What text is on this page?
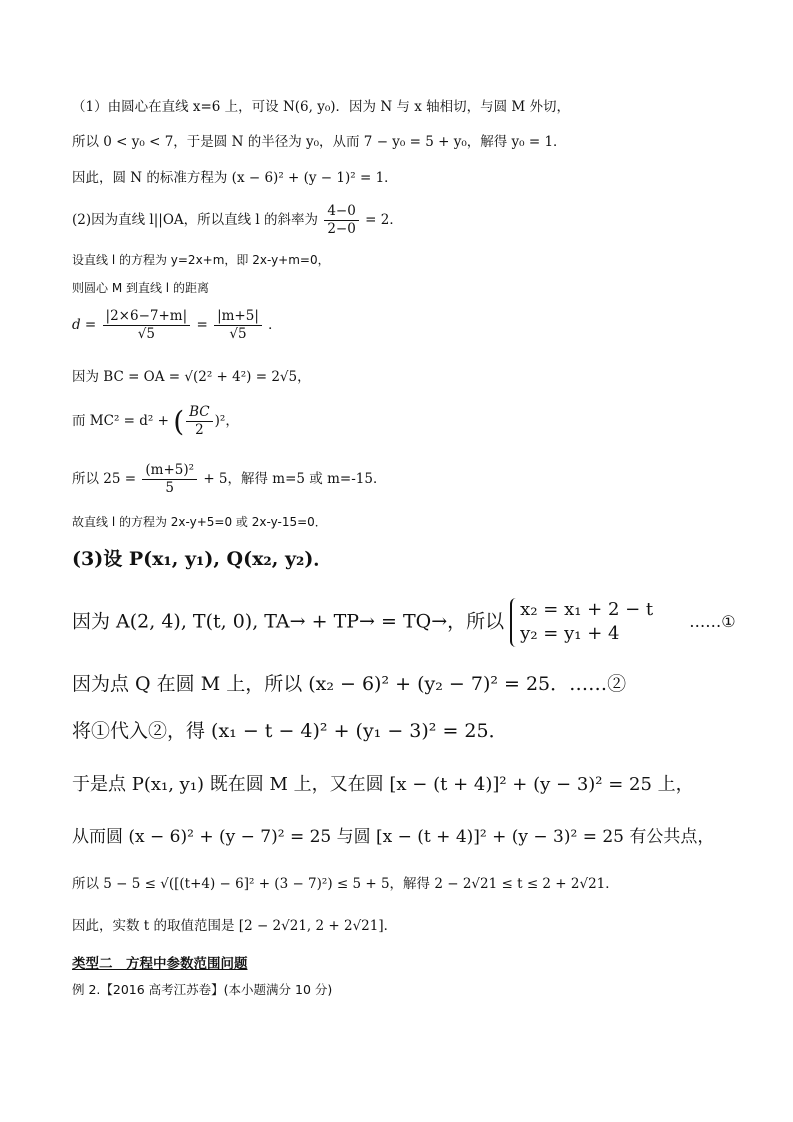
（1）由圆心在直线 x=6 上，可设 N(6, y₀)．因为 N 与 x 轴相切，与圆 M 外切，
所以 0 < y₀ < 7，于是圆 N 的半径为 y₀，从而 7 − y₀ = 5 + y₀，解得 y₀ = 1．
因此，圆 N 的标准方程为 (x − 6)² + (y − 1)² = 1．
(2)因为直线 l||OA，所以直线 l 的斜率为 $\frac{4-0}{2-0} = 2$．
设直线 l 的方程为 y=2x+m，即 2x-y+m=0，
则圆心 M 到直线 l 的距离
$d = \frac{|2\times 6-7+m|}{√5} = \frac{|m+5|}{√5}$ ．
因为 BC = OA = √(2² + 4²) = 2√5，
而 MC² = d² + ( $\frac{BC}{2} )^2$，
所以 $25 = \frac{\text{(m+5)²}}{5} + 5$，解得 m=5 或 m=-15．
故直线 l 的方程为 2x-y+5=0 或 2x-y-15=0．
(3)设 P(x₁, y₁), Q(x₂, y₂)．
因为 A(2, 4), T(t, 0), TA→ + TP→ = TQ→，所以
x₂ = x₁ + 2 − t
y₂ = y₁ + 4
……①
因为点 Q 在圆 M 上，所以 (x₂ − 6)² + (y₂ − 7)² = 25．……②
将①代入②，得 (x₁ − t − 4)² + (y₁ − 3)² = 25．
于是点 P(x₁, y₁) 既在圆 M 上，又在圆 [x − (t + 4)]² + (y − 3)² = 25 上，
从而圆 (x − 6)² + (y − 7)² = 25 与圆 [x − (t + 4)]² + (y − 3)² = 25 有公共点，
所以 5 − 5 ≤ √([(t+4) − 6]² + (3 − 7)²) ≤ 5 + 5，解得 2 − 2√21 ≤ t ≤ 2 + 2√21．
因此，实数 t 的取值范围是 [2 − 2√21, 2 + 2√21]．
类型二　方程中参数范围问题
例 2.【2016 高考江苏卷】(本小题满分 10 分)
